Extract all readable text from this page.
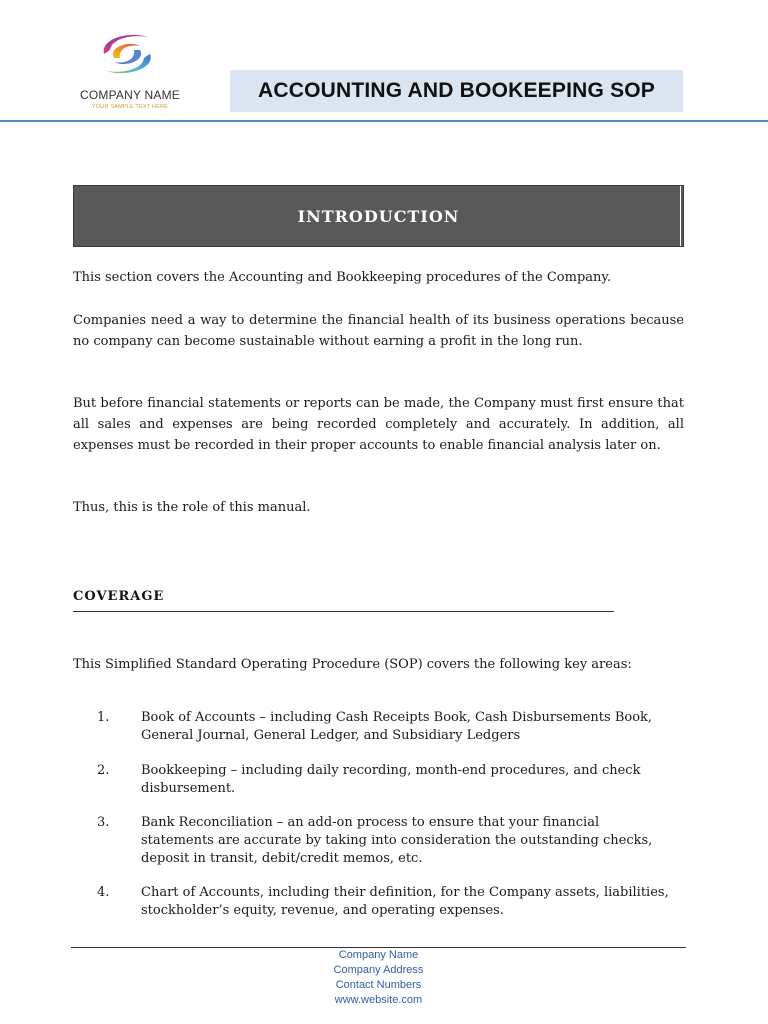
COMPANY NAME
YOUR SAMPLE TEXT HERE
ACCOUNTING AND BOOKEEPING SOP
INTRODUCTION

This section covers the Accounting and Bookkeeping procedures of the Company.

Companies need a way to determine the financial health of its business operations because no company can become sustainable without earning a profit in the long run.

But before financial statements or reports can be made, the Company must first ensure that all sales and expenses are being recorded completely and accurately. In addition, all expenses must be recorded in their proper accounts to enable financial analysis later on.

Thus, this is the role of this manual.

COVERAGE

This Simplified Standard Operating Procedure (SOP) covers the following key areas:

1.	Book of Accounts – including Cash Receipts Book, Cash Disbursements Book, General Journal, General Ledger, and Subsidiary Ledgers
2.	Bookkeeping – including daily recording, month-end procedures, and check disbursement.
3.	Bank Reconciliation – an add-on process to ensure that your financial statements are accurate by taking into consideration the outstanding checks, deposit in transit, debit/credit memos, etc.
4.	Chart of Accounts, including their definition, for the Company assets, liabilities, stockholder’s equity, revenue, and operating expenses.
Company Name
Company Address
Contact Numbers
www.website.com
